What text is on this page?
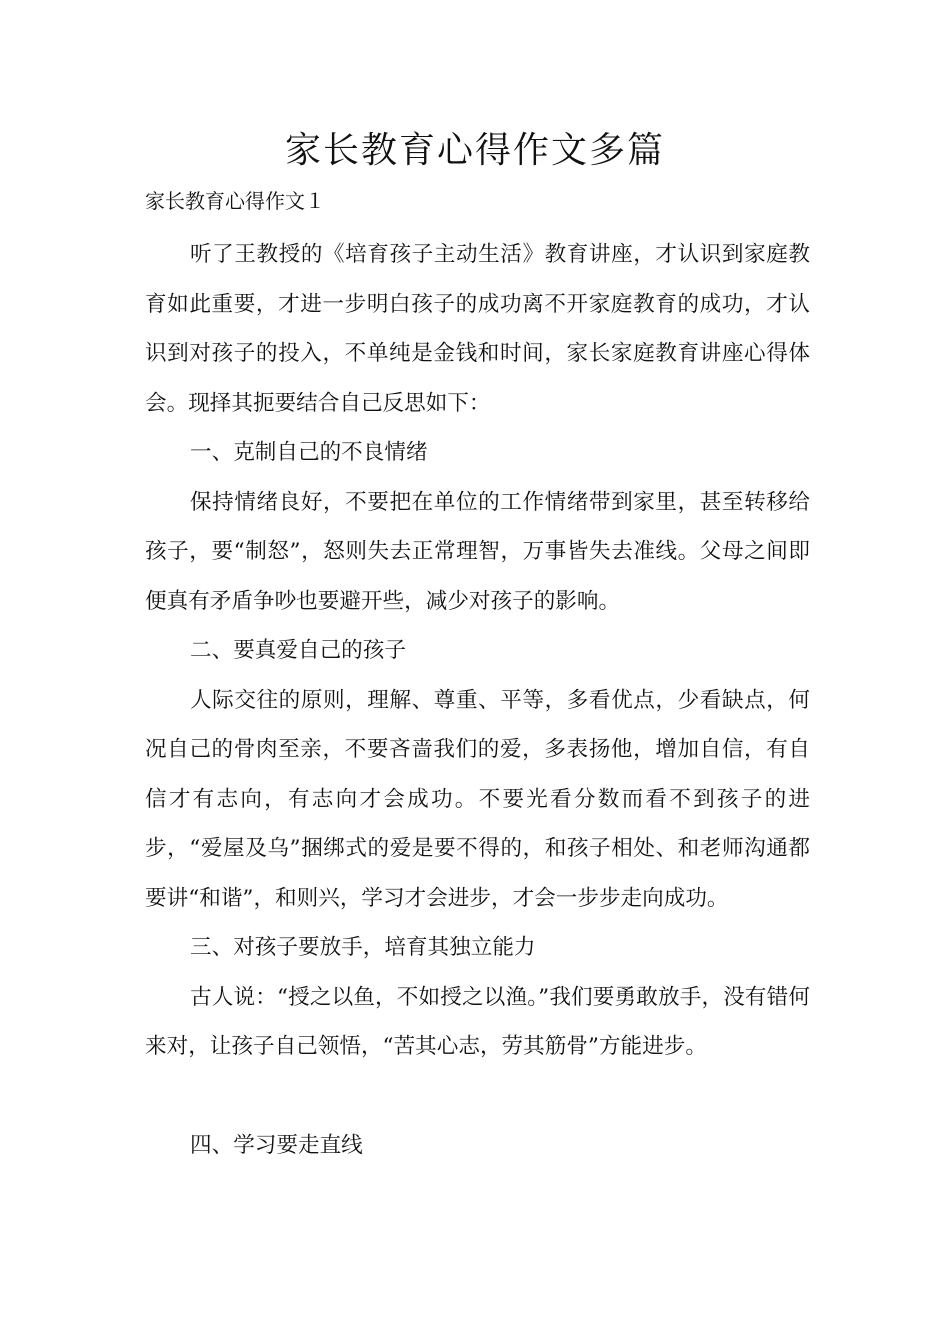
家长教育心得作文多篇

家长教育心得作文１

听了王教授的《培育孩子主动生活》教育讲座，才认识到家庭教育如此重要，才进一步明白孩子的成功离不开家庭教育的成功，才认识到对孩子的投入，不单纯是金钱和时间，家长家庭教育讲座心得体会。现择其扼要结合自己反思如下：

一、克制自己的不良情绪

保持情绪良好，不要把在单位的工作情绪带到家里，甚至转移给孩子，要“制怒”，怒则失去正常理智，万事皆失去准线。父母之间即便真有矛盾争吵也要避开些，减少对孩子的影响。

二、要真爱自己的孩子

人际交往的原则，理解、尊重、平等，多看优点，少看缺点，何况自己的骨肉至亲，不要吝啬我们的爱，多表扬他，增加自信，有自信才有志向，有志向才会成功。不要光看分数而看不到孩子的进步，“爱屋及乌”捆绑式的爱是要不得的，和孩子相处、和老师沟通都要讲“和谐”，和则兴，学习才会进步，才会一步步走向成功。

三、对孩子要放手，培育其独立能力

古人说：“授之以鱼，不如授之以渔。”我们要勇敢放手，没有错何来对，让孩子自己领悟，“苦其心志，劳其筋骨”方能进步。

四、学习要走直线
